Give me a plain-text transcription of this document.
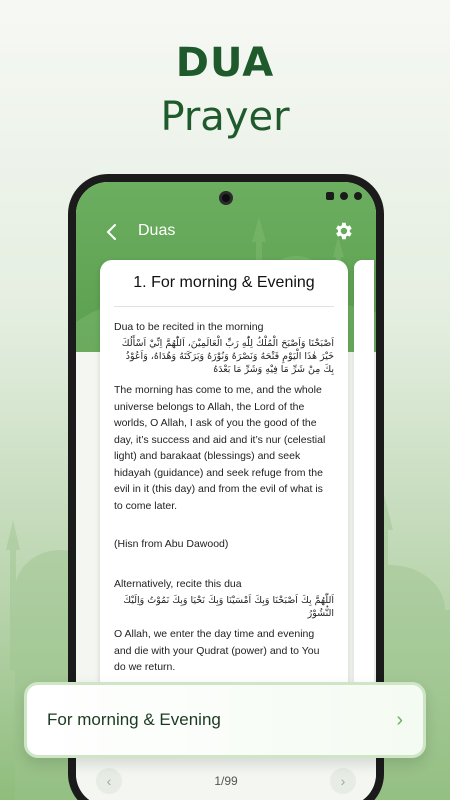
DUA
Prayer
Duas
1. For morning & Evening
Dua to be recited in the morning
اَصْبَحْنَا وَاَصْبَحَ الْمُلْكُ لِلّٰهِ رَبِّ الْعَالَمِيْنَ، اَللّٰهُمَّ اِنِّيْ اَسْأَلُكَ خَيْرَ هٰذَا الْيَوْمِ فَتْحَهُ وَنَصْرَهُ وَنُوْرَهُ وَبَرَكَتَهُ وَهُدَاهُ، وَاَعُوْذُ بِكَ مِنْ شَرِّ مَا فِيْهِ وَشَرِّ مَا بَعْدَهُ
The morning has come to me, and the whole universe belongs to Allah, the Lord of the worlds, O Allah, I ask of you the good of the day, it’s success and aid and it’s nur (celestial light) and barakaat (blessings) and seek hidayah (guidance) and seek refuge from the evil in it (this day) and from the evil of what is to come later.
(Hisn from Abu Dawood)
Alternatively, recite this dua
اَللّٰهُمَّ بِكَ اَصْبَحْنَا وَبِكَ اَمْسَيْنَا وَبِكَ نَحْيَا وَبِكَ نَمُوْتُ وَاِلَيْكَ النُّشُوْرُ
O Allah, we enter the day time and evening and die with your Qudrat (power) and to You do we return.
‹	1/99	›
For morning & Evening	›
